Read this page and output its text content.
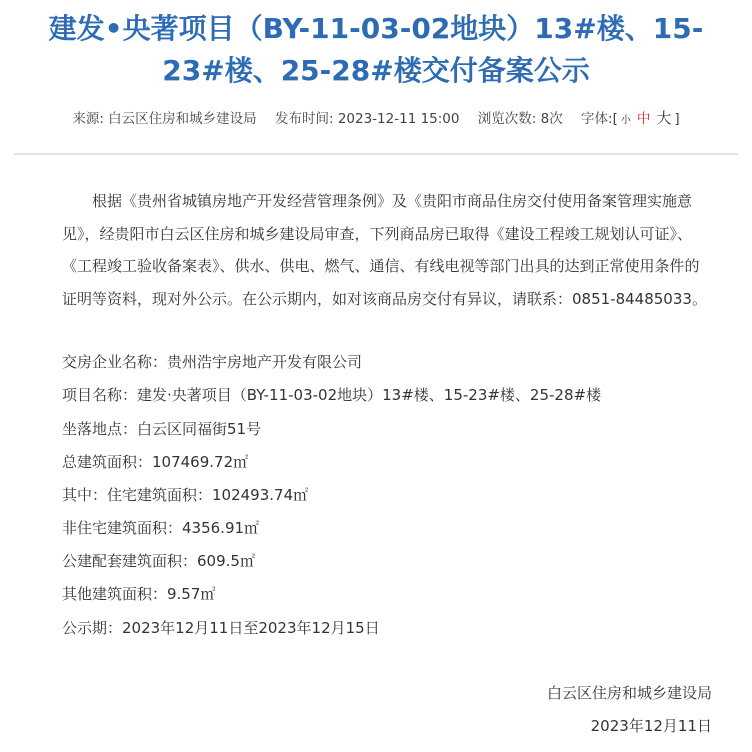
建发•央著项目（BY-11-03-02地块）13#楼、15-
23#楼、25-28#楼交付备案公示
来源: 白云区住房和城乡建设局 发布时间: 2023-12-11 15:00 浏览次数: 8次 字体:[ 小 中 大 ]

根据《贵州省城镇房地产开发经营管理条例》及《贵阳市商品住房交付使用备案管理实施意见》，经贵阳市白云区住房和城乡建设局审查，下列商品房已取得《建设工程竣工规划认可证》、《工程竣工验收备案表》、供水、供电、燃气、通信、有线电视等部门出具的达到正常使用条件的证明等资料，现对外公示。在公示期内，如对该商品房交付有异议，请联系：0851-84485033。

交房企业名称：贵州浩宇房地产开发有限公司
项目名称：建发·央著项目（BY-11-03-02地块）13#楼、15-23#楼、25-28#楼
坐落地点：白云区同福街51号
总建筑面积：107469.72㎡
其中：住宅建筑面积：102493.74㎡
非住宅建筑面积：4356.91㎡
公建配套建筑面积：609.5㎡
其他建筑面积：9.57㎡
公示期：2023年12月11日至2023年12月15日
白云区住房和城乡建设局
2023年12月11日
